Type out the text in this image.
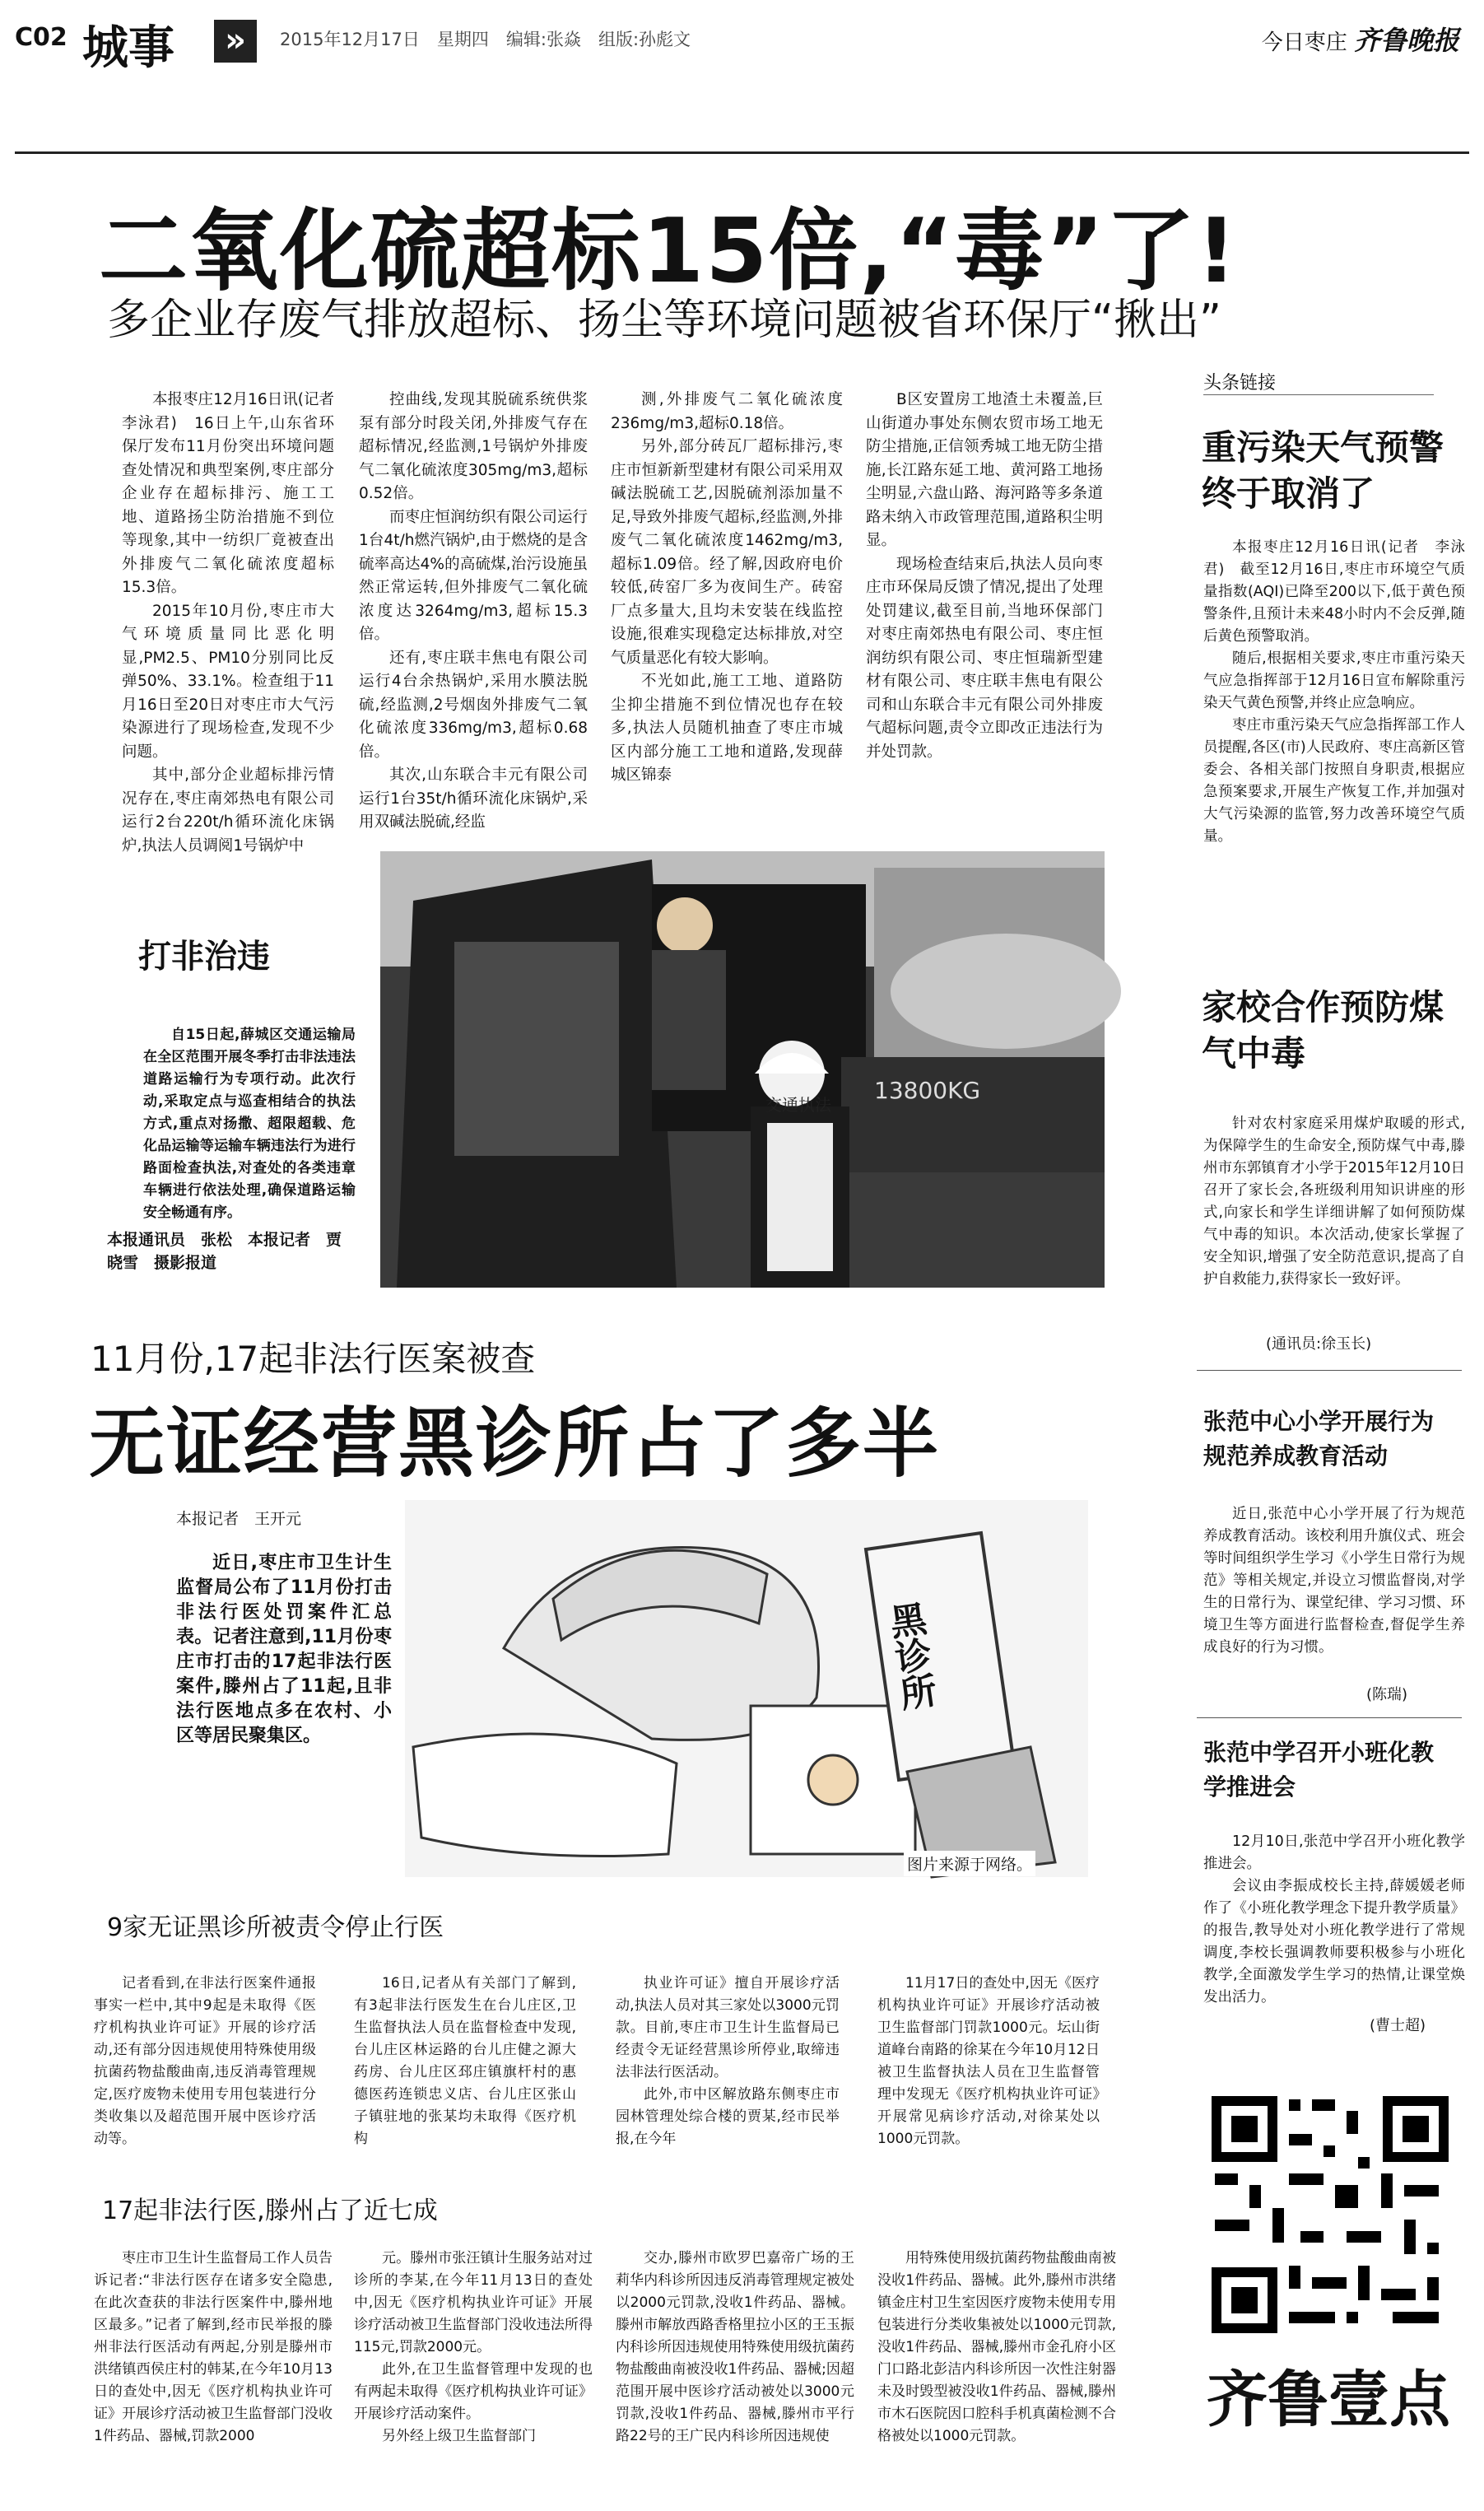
C02 城事	»	2015年12月17日　星期四　编辑:张焱　组版:孙彪文	今日枣庄 齐鲁晚报
二氧化硫超标15倍,“毒”了!
多企业存废气排放超标、扬尘等环境问题被省环保厅“揪出”

本报枣庄12月16日讯(记者　李泳君)　16日上午,山东省环保厅发布11月份突出环境问题查处情况和典型案例,枣庄部分企业存在超标排污、施工工地、道路扬尘防治措施不到位等现象,其中一纺织厂竟被查出外排废气二氧化硫浓度超标15.3倍。

2015年10月份,枣庄市大气环境质量同比恶化明显,PM2.5、PM10分别同比反弹50%、33.1%。检查组于11月16日至20日对枣庄市大气污染源进行了现场检查,发现不少问题。

其中,部分企业超标排污情况存在,枣庄南郊热电有限公司运行2台220t/h循环流化床锅炉,执法人员调阅1号锅炉中

控曲线,发现其脱硫系统供浆泵有部分时段关闭,外排废气存在超标情况,经监测,1号锅炉外排废气二氧化硫浓度305mg/m3,超标0.52倍。

而枣庄恒润纺织有限公司运行1台4t/h燃汽锅炉,由于燃烧的是含硫率高达4%的高硫煤,治污设施虽然正常运转,但外排废气二氧化硫浓度达3264mg/m3,超标15.3倍。

还有,枣庄联丰焦电有限公司运行4台余热锅炉,采用水膜法脱硫,经监测,2号烟囱外排废气二氧化硫浓度336mg/m3,超标0.68倍。

其次,山东联合丰元有限公司运行1台35t/h循环流化床锅炉,采用双碱法脱硫,经监

测,外排废气二氧化硫浓度236mg/m3,超标0.18倍。

另外,部分砖瓦厂超标排污,枣庄市恒新新型建材有限公司采用双碱法脱硫工艺,因脱硫剂添加量不足,导致外排废气超标,经监测,外排废气二氧化硫浓度1462mg/m3,超标1.09倍。经了解,因政府电价较低,砖窑厂多为夜间生产。砖窑厂点多量大,且均未安装在线监控设施,很难实现稳定达标排放,对空气质量恶化有较大影响。

不光如此,施工工地、道路防尘抑尘措施不到位情况也存在较多,执法人员随机抽查了枣庄市城区内部分施工工地和道路,发现薛城区锦泰

B区安置房工地渣土未覆盖,巨山街道办事处东侧农贸市场工地无防尘措施,正信领秀城工地无防尘措施,长江路东延工地、黄河路工地扬尘明显,六盘山路、海河路等多条道路未纳入市政管理范围,道路积尘明显。

现场检查结束后,执法人员向枣庄市环保局反馈了情况,提出了处理处罚建议,截至目前,当地环保部门对枣庄南郊热电有限公司、枣庄恒润纺织有限公司、枣庄恒瑞新型建材有限公司、枣庄联丰焦电有限公司和山东联合丰元有限公司外排废气超标问题,责令立即改正违法行为并处罚款。

打非治违
自15日起,薛城区交通运输局在全区范围开展冬季打击非法违法道路运输行为专项行动。此次行动,采取定点与巡查相结合的执法方式,重点对扬撒、超限超载、危化品运输等运输车辆违法行为进行路面检查执法,对查处的各类违章车辆进行依法处理,确保道路运输安全畅通有序。
本报通讯员　张松　本报记者　贾晓雪　摄影报道
13800KG
交通执法
11月份,17起非法行医案被查
无证经营黑诊所占了多半
本报记者　王开元
近日,枣庄市卫生计生监督局公布了11月份打击非法行医处罚案件汇总表。记者注意到,11月份枣庄市打击的17起非法行医案件,滕州占了11起,且非法行医地点多在农村、小区等居民聚集区。
黑诊所
图片来源于网络。
9家无证黑诊所被责令停止行医

记者看到,在非法行医案件通报事实一栏中,其中9起是未取得《医疗机构执业许可证》开展的诊疗活动,还有部分因违规使用特殊使用级抗菌药物盐酸曲南,违反消毒管理规定,医疗废物未使用专用包装进行分类收集以及超范围开展中医诊疗活动等。

16日,记者从有关部门了解到,有3起非法行医发生在台儿庄区,卫生监督执法人员在监督检查中发现,台儿庄区林运路的台儿庄健之源大药房、台儿庄区邳庄镇旗杆村的惠德医药连锁忠义店、台儿庄区张山子镇驻地的张某均未取得《医疗机构

执业许可证》擅自开展诊疗活动,执法人员对其三家处以3000元罚款。目前,枣庄市卫生计生监督局已经责令无证经营黑诊所停业,取缔违法非法行医活动。

此外,市中区解放路东侧枣庄市园林管理处综合楼的贾某,经市民举报,在今年

11月17日的查处中,因无《医疗机构执业许可证》开展诊疗活动被卫生监督部门罚款1000元。坛山街道峰台南路的徐某在今年10月12日被卫生监督执法人员在卫生监督管理中发现无《医疗机构执业许可证》开展常见病诊疗活动,对徐某处以1000元罚款。

17起非法行医,滕州占了近七成

枣庄市卫生计生监督局工作人员告诉记者:“非法行医存在诸多安全隐患,在此次查获的非法行医案件中,滕州地区最多。”记者了解到,经市民举报的滕州非法行医活动有两起,分别是滕州市洪绪镇西侯庄村的韩某,在今年10月13日的查处中,因无《医疗机构执业许可证》开展诊疗活动被卫生监督部门没收1件药品、器械,罚款2000

元。滕州市张汪镇计生服务站对过诊所的李某,在今年11月13日的查处中,因无《医疗机构执业许可证》开展诊疗活动被卫生监督部门没收违法所得115元,罚款2000元。

此外,在卫生监督管理中发现的也有两起未取得《医疗机构执业许可证》开展诊疗活动案件。

另外经上级卫生监督部门

交办,滕州市欧罗巴嘉帝广场的王莉华内科诊所因违反消毒管理规定被处以2000元罚款,没收1件药品、器械。滕州市解放西路香格里拉小区的王玉振内科诊所因违规使用特殊使用级抗菌药物盐酸曲南被没收1件药品、器械;因超范围开展中医诊疗活动被处以3000元罚款,没收1件药品、器械,滕州市平行路22号的王广民内科诊所因违规使

用特殊使用级抗菌药物盐酸曲南被没收1件药品、器械。此外,滕州市洪绪镇金庄村卫生室因医疗废物未使用专用包装进行分类收集被处以1000元罚款,没收1件药品、器械,滕州市金孔府小区门口路北彭洁内科诊所因一次性注射器未及时毁型被没收1件药品、器械,滕州市木石医院因口腔科手机真菌检测不合格被处以1000元罚款。

头条链接
重污染天气预警终于取消了

本报枣庄12月16日讯(记者　李泳君)　截至12月16日,枣庄市环境空气质量指数(AQI)已降至200以下,低于黄色预警条件,且预计未来48小时内不会反弹,随后黄色预警取消。

随后,根据相关要求,枣庄市重污染天气应急指挥部于12月16日宣布解除重污染天气黄色预警,并终止应急响应。

枣庄市重污染天气应急指挥部工作人员提醒,各区(市)人民政府、枣庄高新区管委会、各相关部门按照自身职责,根据应急预案要求,开展生产恢复工作,并加强对大气污染源的监管,努力改善环境空气质量。

家校合作预防煤气中毒

针对农村家庭采用煤炉取暖的形式,为保障学生的生命安全,预防煤气中毒,滕州市东郭镇育才小学于2015年12月10日召开了家长会,各班级利用知识讲座的形式,向家长和学生详细讲解了如何预防煤气中毒的知识。本次活动,使家长掌握了安全知识,增强了安全防范意识,提高了自护自救能力,获得家长一致好评。

(通讯员:徐玉长)
张范中心小学开展行为规范养成教育活动

近日,张范中心小学开展了行为规范养成教育活动。该校利用升旗仪式、班会等时间组织学生学习《小学生日常行为规范》等相关规定,并设立习惯监督岗,对学生的日常行为、课堂纪律、学习习惯、环境卫生等方面进行监督检查,督促学生养成良好的行为习惯。

(陈瑞)
张范中学召开小班化教学推进会

12月10日,张范中学召开小班化教学推进会。

会议由李振成校长主持,薛媛媛老师作了《小班化教学理念下提升教学质量》的报告,教导处对小班化教学进行了常规调度,李校长强调教师要积极参与小班化教学,全面激发学生学习的热情,让课堂焕发出活力。

(曹士超)
齐鲁壹点
